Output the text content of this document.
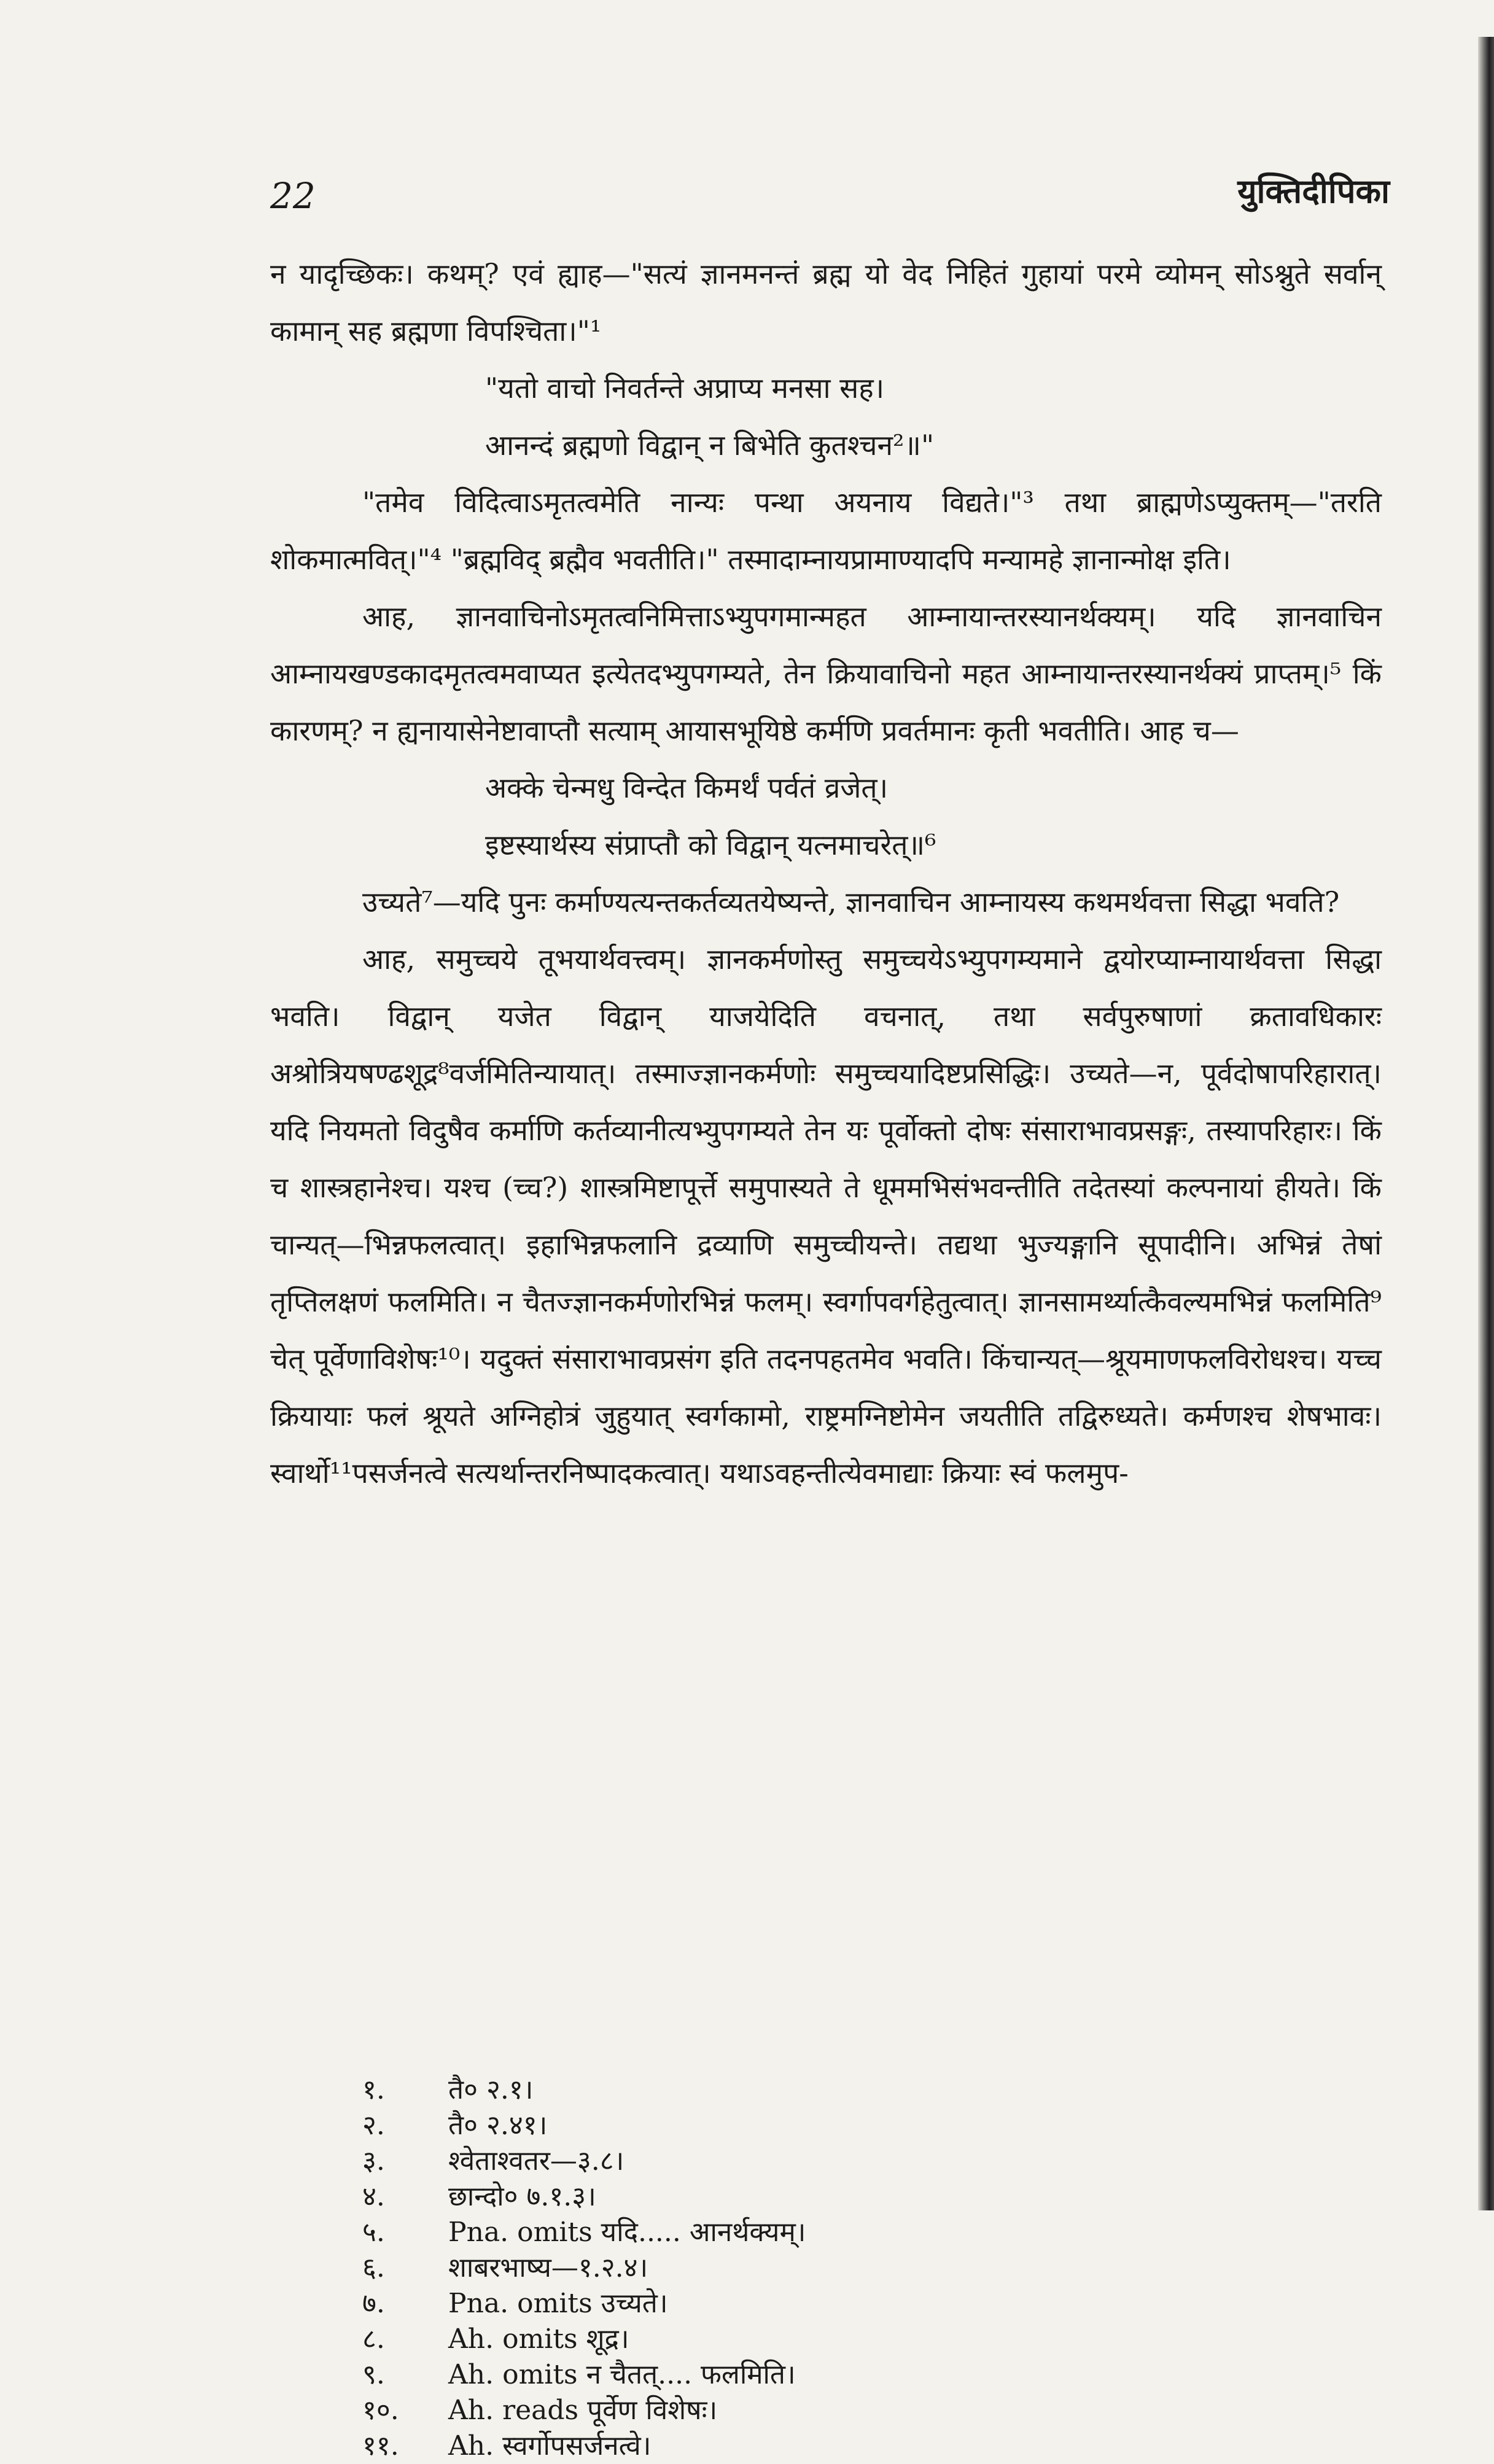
22	युक्तिदीपिका

न यादृच्छिकः। कथम्? एवं ह्याह—"सत्यं ज्ञानमनन्तं ब्रह्म यो वेद निहितं गुहायां परमे व्योमन् सोऽश्नुते सर्वान् कामान् सह ब्रह्मणा विपश्चिता।"¹

"यतो वाचो निवर्तन्ते अप्राप्य मनसा सह।

आनन्दं ब्रह्मणो विद्वान् न बिभेति कुतश्चन²॥"

"तमेव विदित्वाऽमृतत्वमेति नान्यः पन्था अयनाय विद्यते।"³ तथा ब्राह्मणेऽप्युक्तम्—"तरति शोकमात्मवित्।"⁴ "ब्रह्मविद् ब्रह्मैव भवतीति।" तस्मादाम्नायप्रामाण्यादपि मन्यामहे ज्ञानान्मोक्ष इति।

आह, ज्ञानवाचिनोऽमृतत्वनिमित्ताऽभ्युपगमान्महत आम्नायान्तरस्यानर्थक्यम्। यदि ज्ञानवाचिन आम्नायखण्डकादमृतत्वमवाप्यत इत्येतदभ्युपगम्यते, तेन क्रियावाचिनो महत आम्नायान्तरस्यानर्थक्यं प्राप्तम्।⁵ किं कारणम्? न ह्यनायासेनेष्टावाप्तौ सत्याम् आयासभूयिष्ठे कर्मणि प्रवर्तमानः कृती भवतीति। आह च—

अक्के चेन्मधु विन्देत किमर्थं पर्वतं व्रजेत्।

इष्टस्यार्थस्य संप्राप्तौ को विद्वान् यत्नमाचरेत्॥⁶

उच्यते⁷—यदि पुनः कर्माण्यत्यन्तकर्तव्यतयेष्यन्ते, ज्ञानवाचिन आम्नायस्य कथमर्थवत्ता सिद्धा भवति?

आह, समुच्चये तूभयार्थवत्त्वम्। ज्ञानकर्मणोस्तु समुच्चयेऽभ्युपगम्यमाने द्वयोरप्याम्नायार्थवत्ता सिद्धा भवति। विद्वान् यजेत विद्वान् याजयेदिति वचनात्, तथा सर्वपुरुषाणां क्रतावधिकारः अश्रोत्रियषण्ढशूद्र⁸वर्जमितिन्यायात्। तस्माज्ज्ञानकर्मणोः समुच्चयादिष्टप्रसिद्धिः। उच्यते—न, पूर्वदोषापरिहारात्। यदि नियमतो विदुषैव कर्माणि कर्तव्यानीत्यभ्युपगम्यते तेन यः पूर्वोक्तो दोषः संसाराभावप्रसङ्गः, तस्यापरिहारः। किं च शास्त्रहानेश्च। यश्च (च्च?) शास्त्रमिष्टापूर्त्ते समुपास्यते ते धूममभिसंभवन्तीति तदेतस्यां कल्पनायां हीयते। किं चान्यत्—भिन्नफलत्वात्। इहाभिन्नफलानि द्रव्याणि समुच्चीयन्ते। तद्यथा भुज्यङ्गानि सूपादीनि। अभिन्नं तेषां तृप्तिलक्षणं फलमिति। न चैतज्ज्ञानकर्मणोरभिन्नं फलम्। स्वर्गापवर्गहेतुत्वात्। ज्ञानसामर्थ्यात्कैवल्यमभिन्नं फलमिति⁹ चेत् पूर्वेणाविशेषः¹⁰। यदुक्तं संसाराभावप्रसंग इति तदनपहतमेव भवति। किंचान्यत्—श्रूयमाणफलविरोधश्च। यच्च क्रियायाः फलं श्रूयते अग्निहोत्रं जुहुयात् स्वर्गकामो, राष्ट्रमग्निष्टोमेन जयतीति तद्विरुध्यते। कर्मणश्च शेषभावः। स्वार्थो¹¹पसर्जनत्वे सत्यर्थान्तरनिष्पादकत्वात्। यथाऽवहन्तीत्येवमाद्याः क्रियाः स्वं फलमुप-

१.	तै० २.१।
२.	तै० २.४१।
३.	श्वेताश्वतर—३.८।
४.	छान्दो० ७.१.३।
५.	Pna. omits यदि..... आनर्थक्यम्।
६.	शाबरभाष्य—१.२.४।
७.	Pna. omits उच्यते।
८.	Ah. omits शूद्र।
९.	Ah. omits न चैतत्.... फलमिति।
१०.	Ah. reads पूर्वेण विशेषः।
११.	Ah. स्वर्गोपसर्जनत्वे।
